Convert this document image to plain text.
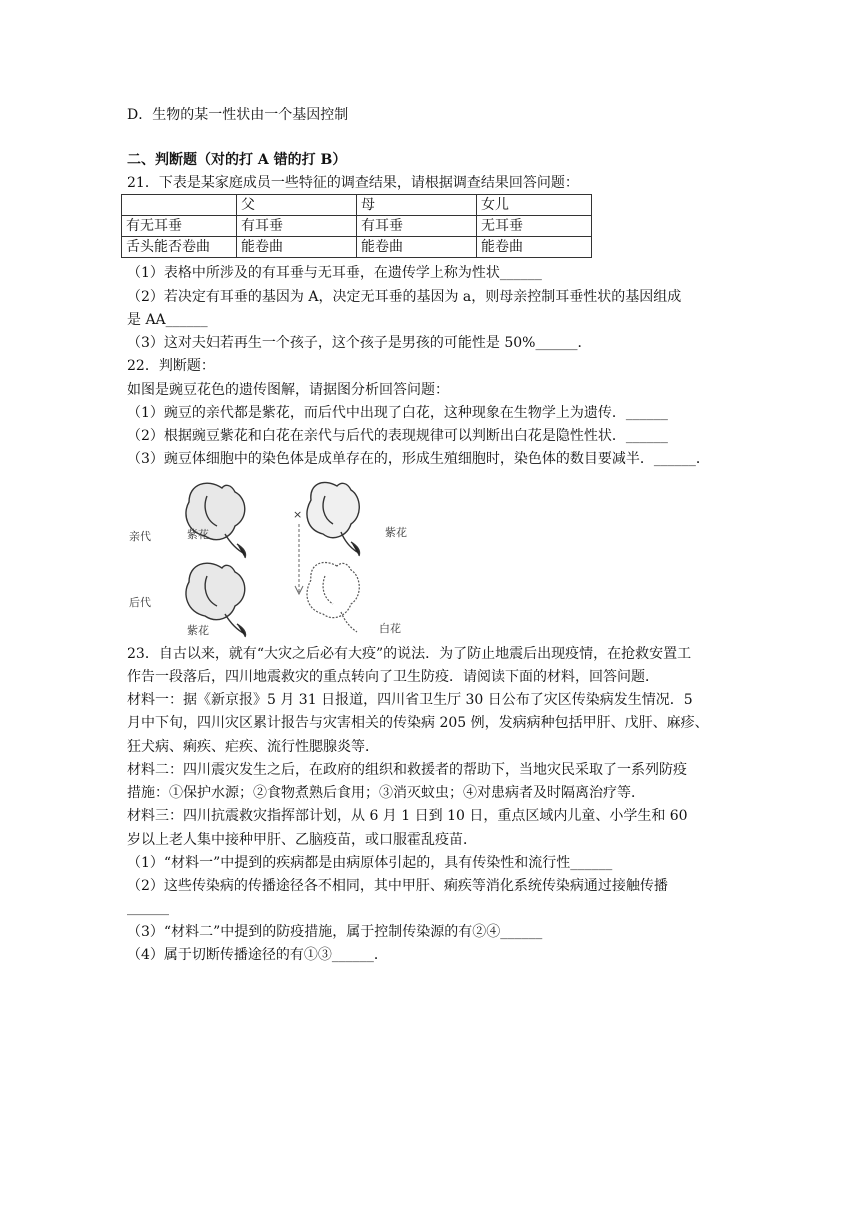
D．生物的某一性状由一个基因控制
二、判断题（对的打 A 错的打 B）
21．下表是某家庭成员一些特征的调查结果，请根据调查结果回答问题：
	父	母	女儿
有无耳垂	有耳垂	有耳垂	无耳垂
舌头能否卷曲	能卷曲	能卷曲	能卷曲
（1）表格中所涉及的有耳垂与无耳垂，在遗传学上称为性状______
（2）若决定有耳垂的基因为 A，决定无耳垂的基因为 a，则母亲控制耳垂性状的基因组成
是 AA______
（3）这对夫妇若再生一个孩子，这个孩子是男孩的可能性是 50%______．
22．判断题：
如图是豌豆花色的遗传图解，请据图分析回答问题：
（1）豌豆的亲代都是紫花，而后代中出现了白花，这种现象在生物学上为遗传．______
（2）根据豌豆紫花和白花在亲代与后代的表现规律可以判断出白花是隐性性状．______
（3）豌豆体细胞中的染色体是成单存在的，形成生殖细胞时，染色体的数目要减半．______．
×
亲代	紫花	紫花
后代
紫花	白花
23．自古以来，就有“大灾之后必有大疫”的说法．为了防止地震后出现疫情，在抢救安置工
作告一段落后，四川地震救灾的重点转向了卫生防疫．请阅读下面的材料，回答问题．
材料一：据《新京报》5 月 31 日报道，四川省卫生厅 30 日公布了灾区传染病发生情况．5
月中下旬，四川灾区累计报告与灾害相关的传染病 205 例，发病病种包括甲肝、戊肝、麻疹、
狂犬病、痢疾、疟疾、流行性腮腺炎等．
材料二：四川震灾发生之后，在政府的组织和救援者的帮助下，当地灾民采取了一系列防疫
措施：①保护水源；②食物煮熟后食用；③消灭蚊虫；④对患病者及时隔离治疗等．
材料三：四川抗震救灾指挥部计划，从 6 月 1 日到 10 日，重点区域内儿童、小学生和 60
岁以上老人集中接种甲肝、乙脑疫苗，或口服霍乱疫苗．
（1）“材料一”中提到的疾病都是由病原体引起的，具有传染性和流行性______
（2）这些传染病的传播途径各不相同，其中甲肝、痢疾等消化系统传染病通过接触传播
______
（3）“材料二”中提到的防疫措施，属于控制传染源的有②④______
（4）属于切断传播途径的有①③______．
